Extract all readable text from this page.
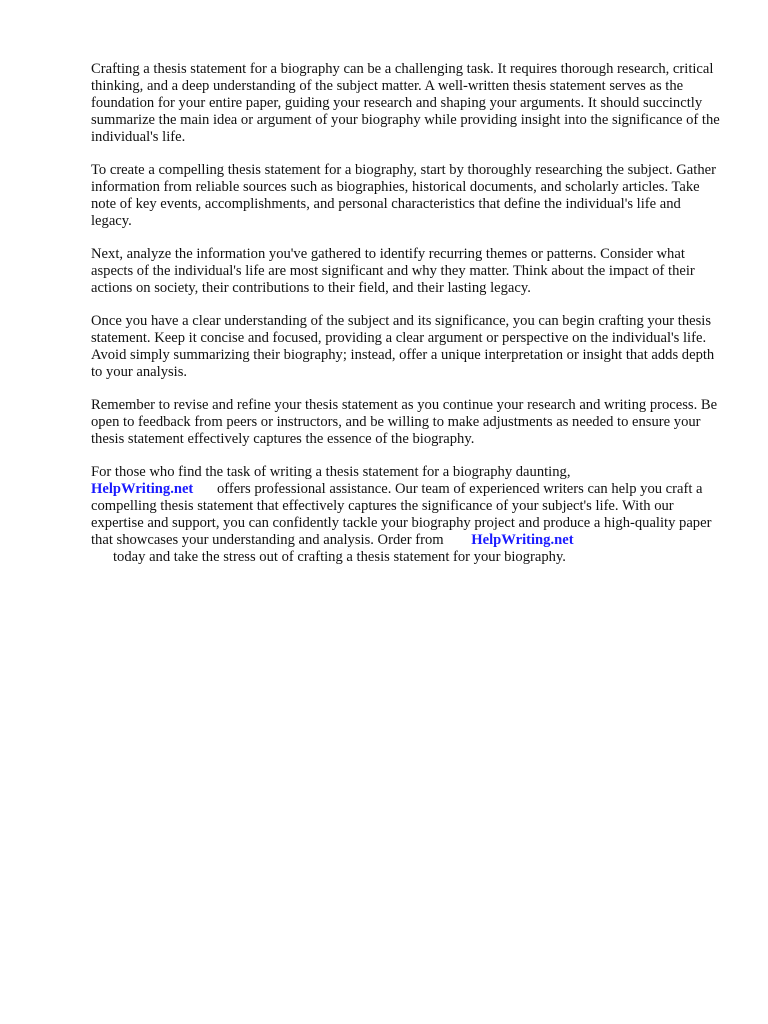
Crafting a thesis statement for a biography can be a challenging task. It requires thorough research, critical thinking, and a deep understanding of the subject matter. A well-written thesis statement serves as the foundation for your entire paper, guiding your research and shaping your arguments. It should succinctly summarize the main idea or argument of your biography while providing insight into the significance of the individual's life.

To create a compelling thesis statement for a biography, start by thoroughly researching the subject. Gather information from reliable sources such as biographies, historical documents, and scholarly articles. Take note of key events, accomplishments, and personal characteristics that define the individual's life and legacy.

Next, analyze the information you've gathered to identify recurring themes or patterns. Consider what aspects of the individual's life are most significant and why they matter. Think about the impact of their actions on society, their contributions to their field, and their lasting legacy.

Once you have a clear understanding of the subject and its significance, you can begin crafting your thesis statement. Keep it concise and focused, providing a clear argument or perspective on the individual's life. Avoid simply summarizing their biography; instead, offer a unique interpretation or insight that adds depth to your analysis.

Remember to revise and refine your thesis statement as you continue your research and writing process. Be open to feedback from peers or instructors, and be willing to make adjustments as needed to ensure your thesis statement effectively captures the essence of the biography.

For those who find the task of writing a thesis statement for a biography daunting,
HelpWriting.net offers professional assistance. Our team of experienced writers can help you craft a compelling thesis statement that effectively captures the significance of your subject's life. With our expertise and support, you can confidently tackle your biography project and produce a high-quality paper that showcases your understanding and analysis. Order from HelpWriting.net
today and take the stress out of crafting a thesis statement for your biography.
